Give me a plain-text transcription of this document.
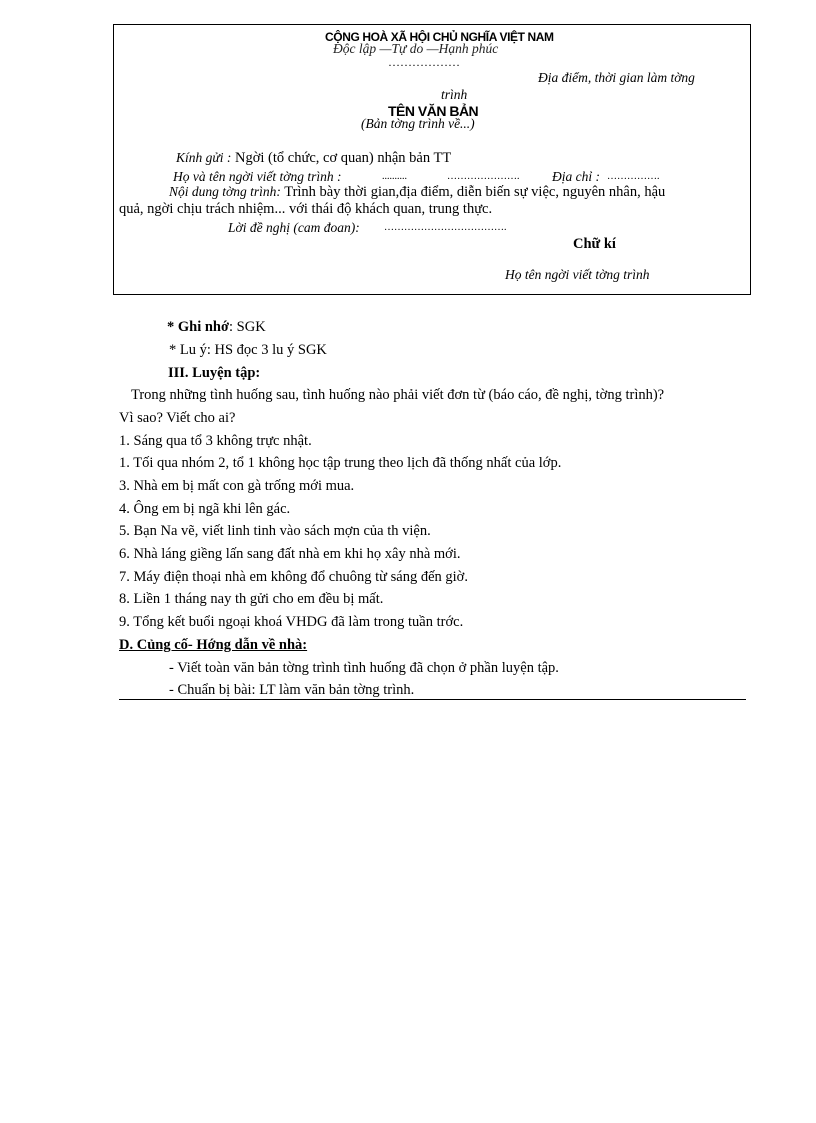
CỘNG HOÀ XÃ HỘI CHỦ NGHĨA VIỆT NAM
Độc lập —Tự do —Hạnh phúc
………………
Địa điểm, thời gian làm tờng
trình
TÊN VĂN BẢN
(Bản tờng trình về...)
Kính gửi : Ngời (tổ chức, cơ quan) nhận bản TT
Họ và tên ngời viết tờng trình :	..........	…………………. Địa chỉ : …………….
Nội dung tờng trình: Trình bày thời gian,địa điểm, diễn biến sự việc, nguyên nhân, hậu
quả, ngời chịu trách nhiệm... với thái độ khách quan, trung thực.
Lời đề nghị (cam đoan): ……………………………….
Chữ kí
Họ tên ngời viết tờng trình
* Ghi nhớ: SGK
* Lu ý: HS đọc 3 lu ý SGK
III. Luyện tập:
Trong những tình huống sau, tình huống nào phải viết đơn từ (báo cáo, đề nghị, tờng trình)?
Vì sao? Viết cho ai?
1. Sáng qua tổ 3 không trực nhật.
1. Tối qua nhóm 2, tổ 1 không học tập trung theo lịch đã thống nhất của lớp.
3. Nhà em bị mất con gà trống mới mua.
4. Ông em bị ngã khi lên gác.
5. Bạn Na vẽ, viết linh tinh vào sách mợn của th viện.
6. Nhà láng giềng lấn sang đất nhà em khi họ xây nhà mới.
7. Máy điện thoại nhà em không đổ chuông từ sáng đến giờ.
8. Liền 1 tháng nay th gửi cho em đều bị mất.
9. Tổng kết buổi ngoại khoá VHDG đã làm trong tuần trớc.
D. Củng cố- Hớng dẫn về nhà:
- Viết toàn văn bản tờng trình tình huống đã chọn ở phần luyện tập.
- Chuẩn bị bài: LT làm văn bản tờng trình.
